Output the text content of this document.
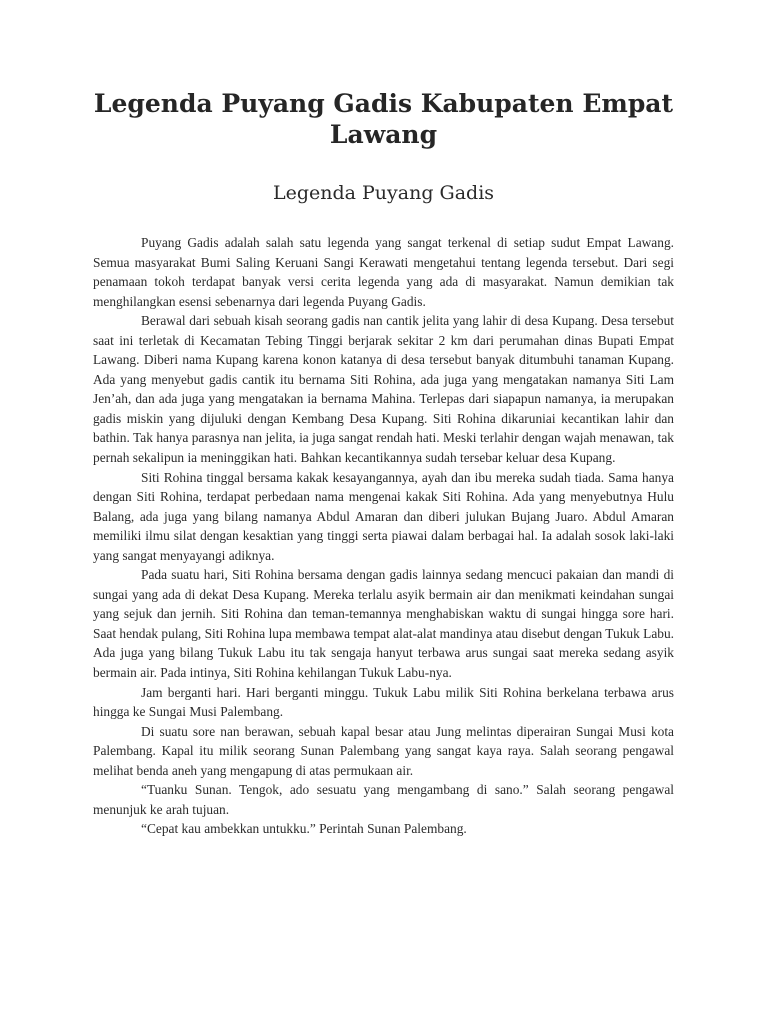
Legenda Puyang Gadis Kabupaten Empat Lawang
Legenda Puyang Gadis

Puyang Gadis adalah salah satu legenda yang sangat terkenal di setiap sudut Empat Lawang. Semua masyarakat Bumi Saling Keruani Sangi Kerawati mengetahui tentang legenda tersebut. Dari segi penamaan tokoh terdapat banyak versi cerita legenda yang ada di masyarakat. Namun demikian tak menghilangkan esensi sebenarnya dari legenda Puyang Gadis.

Berawal dari sebuah kisah seorang gadis nan cantik jelita yang lahir di desa Kupang. Desa tersebut saat ini terletak di Kecamatan Tebing Tinggi berjarak sekitar 2 km dari perumahan dinas Bupati Empat Lawang. Diberi nama Kupang karena konon katanya di desa tersebut banyak ditumbuhi tanaman Kupang. Ada yang menyebut gadis cantik itu bernama Siti Rohina, ada juga yang mengatakan namanya Siti Lam Jen’ah, dan ada juga yang mengatakan ia bernama Mahina. Terlepas dari siapapun namanya, ia merupakan gadis miskin yang dijuluki dengan Kembang Desa Kupang. Siti Rohina dikaruniai kecantikan lahir dan bathin. Tak hanya parasnya nan jelita, ia juga sangat rendah hati. Meski terlahir dengan wajah menawan, tak pernah sekalipun ia meninggikan hati. Bahkan kecantikannya sudah tersebar keluar desa Kupang.

Siti Rohina tinggal bersama kakak kesayangannya, ayah dan ibu mereka sudah tiada. Sama hanya dengan Siti Rohina, terdapat perbedaan nama mengenai kakak Siti Rohina. Ada yang menyebutnya Hulu Balang, ada juga yang bilang namanya Abdul Amaran dan diberi julukan Bujang Juaro. Abdul Amaran memiliki ilmu silat dengan kesaktian yang tinggi serta piawai dalam berbagai hal. Ia adalah sosok laki-laki yang sangat menyayangi adiknya.

Pada suatu hari, Siti Rohina bersama dengan gadis lainnya sedang mencuci pakaian dan mandi di sungai yang ada di dekat Desa Kupang. Mereka terlalu asyik bermain air dan menikmati keindahan sungai yang sejuk dan jernih. Siti Rohina dan teman-temannya menghabiskan waktu di sungai hingga sore hari. Saat hendak pulang, Siti Rohina lupa membawa tempat alat-alat mandinya atau disebut dengan Tukuk Labu. Ada juga yang bilang Tukuk Labu itu tak sengaja hanyut terbawa arus sungai saat mereka sedang asyik bermain air. Pada intinya, Siti Rohina kehilangan Tukuk Labu-nya.

Jam berganti hari. Hari berganti minggu. Tukuk Labu milik Siti Rohina berkelana terbawa arus hingga ke Sungai Musi Palembang.

Di suatu sore nan berawan, sebuah kapal besar atau Jung melintas diperairan Sungai Musi kota Palembang. Kapal itu milik seorang Sunan Palembang yang sangat kaya raya. Salah seorang pengawal melihat benda aneh yang mengapung di atas permukaan air.

“Tuanku Sunan. Tengok, ado sesuatu yang mengambang di sano.” Salah seorang pengawal menunjuk ke arah tujuan.

“Cepat kau ambekkan untukku.” Perintah Sunan Palembang.
